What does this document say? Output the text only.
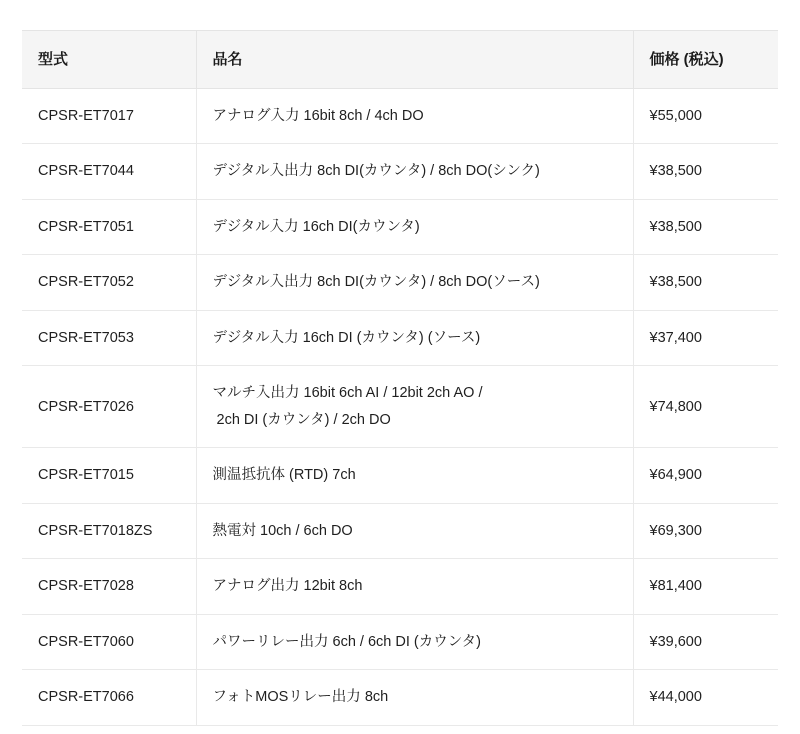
型式	品名	価格 (税込)
CPSR-ET7017	アナログ入力 16bit 8ch / 4ch DO	¥55,000
CPSR-ET7044	デジタル入出力 8ch DI(カウンタ) / 8ch DO(シンク)	¥38,500
CPSR-ET7051	デジタル入力 16ch DI(カウンタ)	¥38,500
CPSR-ET7052	デジタル入出力 8ch DI(カウンタ) / 8ch DO(ソース)	¥38,500
CPSR-ET7053	デジタル入力 16ch DI (カウンタ) (ソース)	¥37,400
CPSR-ET7026	マルチ入出力 16bit 6ch AI / 12bit 2ch AO /
2ch DI (カウンタ) / 2ch DO	¥74,800
CPSR-ET7015	測温抵抗体 (RTD) 7ch	¥64,900
CPSR-ET7018ZS	熱電対 10ch / 6ch DO	¥69,300
CPSR-ET7028	アナログ出力 12bit 8ch	¥81,400
CPSR-ET7060	パワーリレー出力 6ch / 6ch DI (カウンタ)	¥39,600
CPSR-ET7066	フォトMOSリレー出力 8ch	¥44,000
